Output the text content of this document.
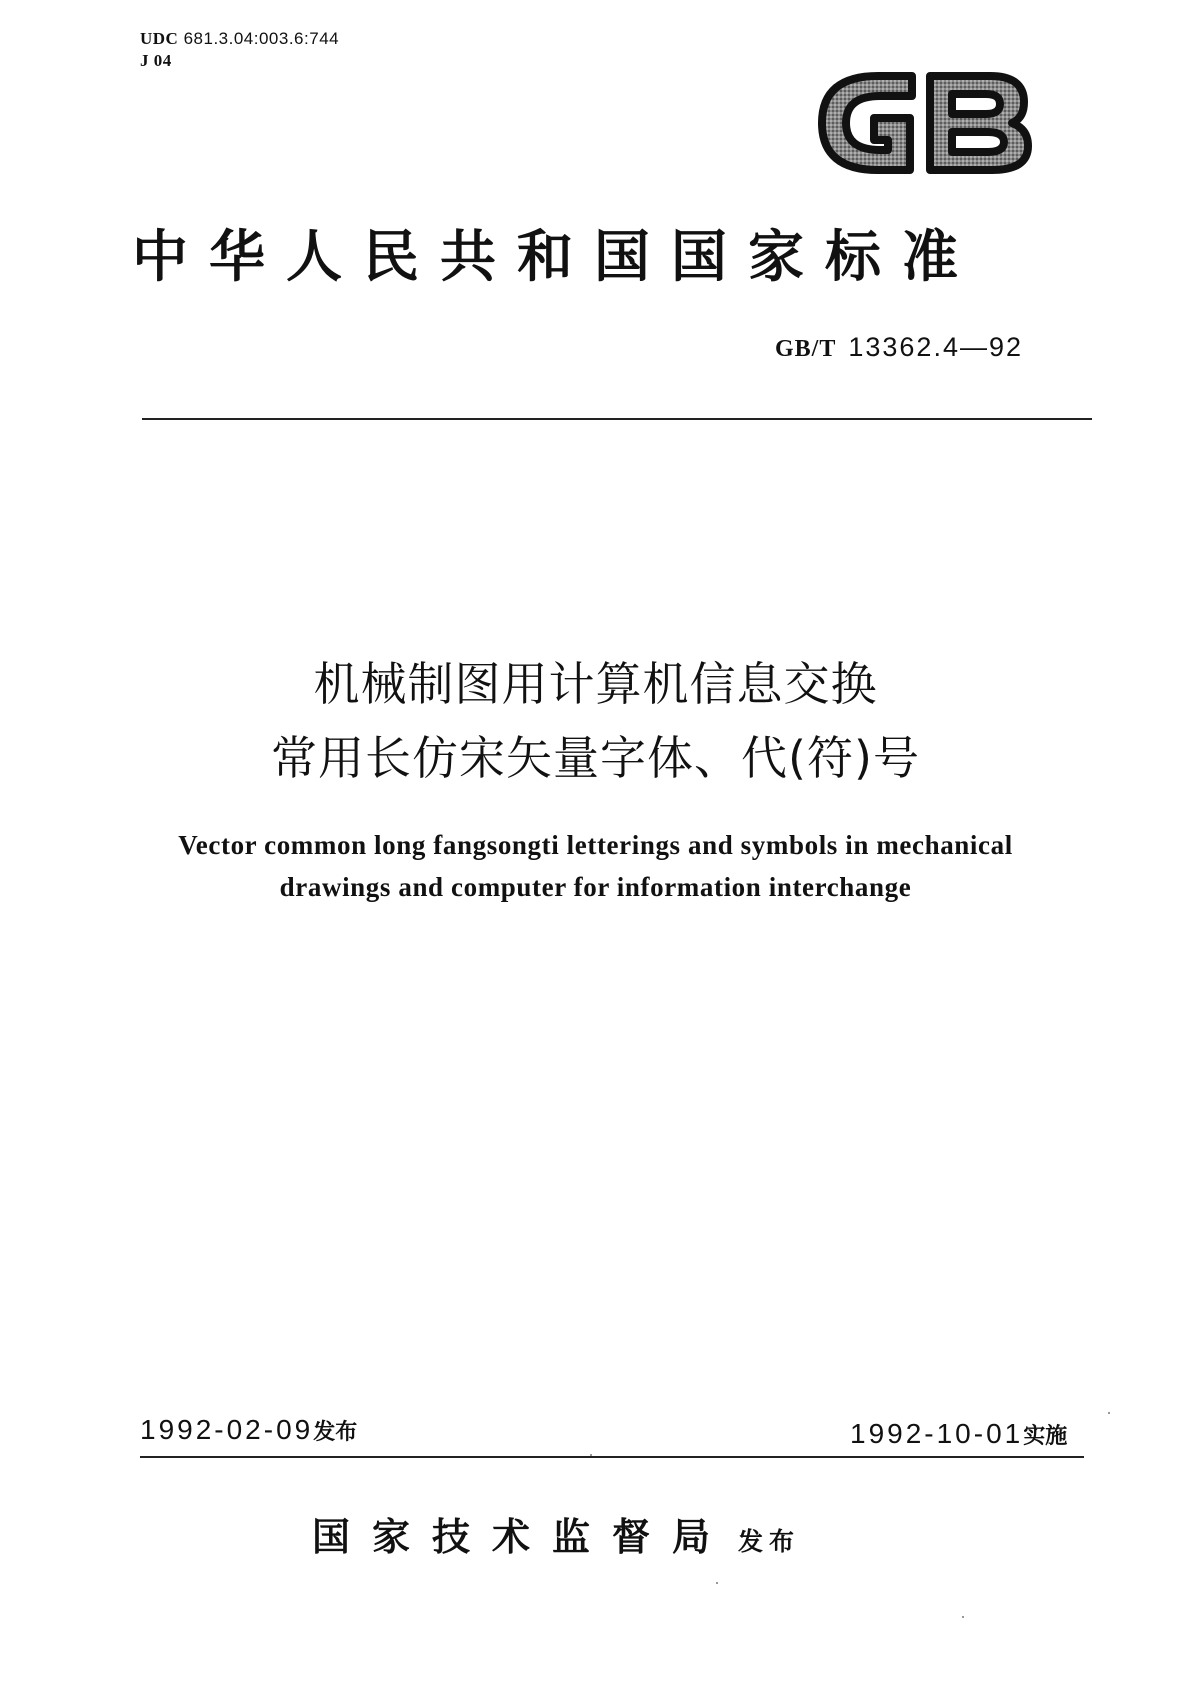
UDC 681.3.04:003.6:744
J 04
中华人民共和国国家标准
GB/T 13362.4—92
机械制图用计算机信息交换
常用长仿宋矢量字体、代(符)号
Vector common long fangsongti letterings and symbols in mechanical
drawings and computer for information interchange
1992-02-09发布	1992-10-01实施
国家技术监督局 发布
